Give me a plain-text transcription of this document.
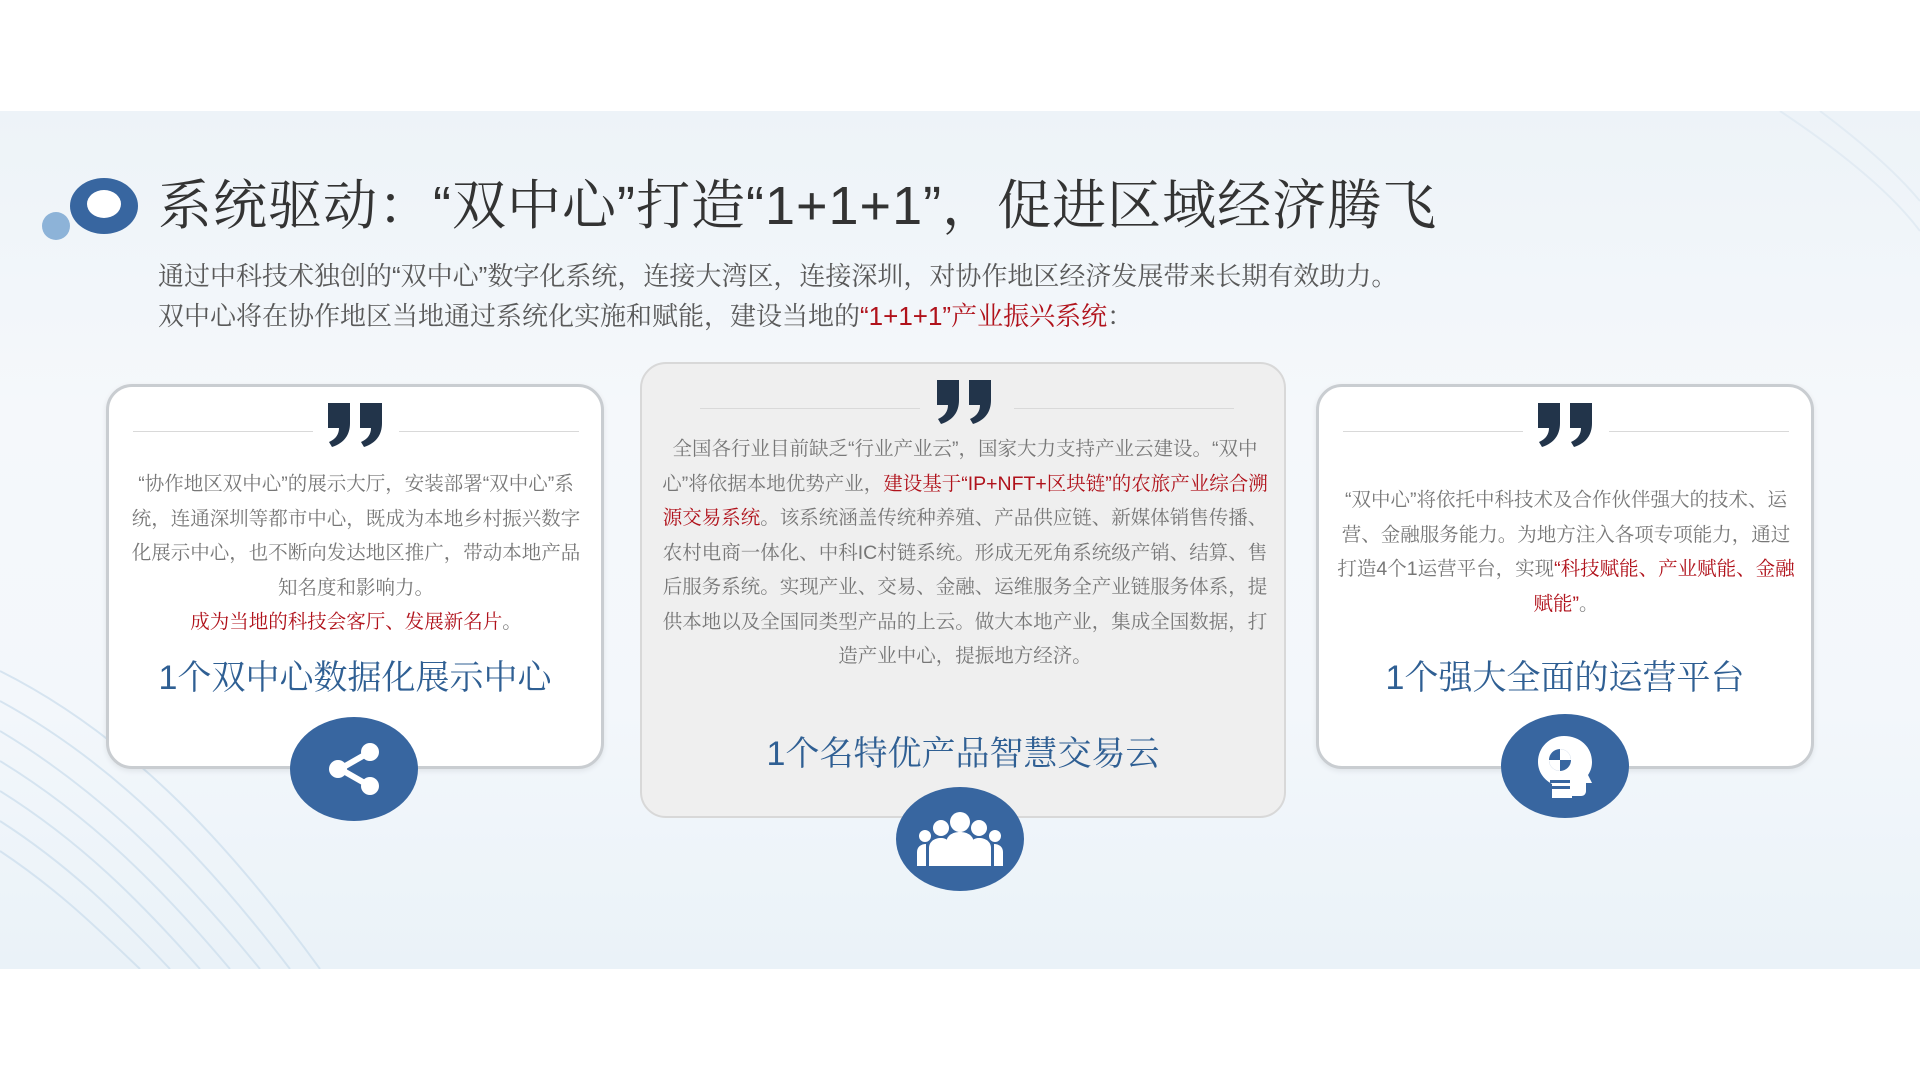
系统驱动：“双中心”打造“1+1+1”，促进区域经济腾飞
通过中科技术独创的“双中心”数字化系统，连接大湾区，连接深圳，对协作地区经济发展带来长期有效助力。
双中心将在协作地区当地通过系统化实施和赋能，建设当地的“1+1+1”产业振兴系统：
“协作地区双中心”的展示大厅，安装部署“双中心”系统，连通深圳等都市中心，既成为本地乡村振兴数字化展示中心，也不断向发达地区推广，带动本地产品知名度和影响力。
成为当地的科技会客厅、发展新名片。
1个双中心数据化展示中心
全国各行业目前缺乏“行业产业云”，国家大力支持产业云建设。“双中心”将依据本地优势产业，建设基于“IP+NFT+区块链”的农旅产业综合溯源交易系统。该系统涵盖传统种养殖、产品供应链、新媒体销售传播、农村电商一体化、中科IC村链系统。形成无死角系统级产销、结算、售后服务系统。实现产业、交易、金融、运维服务全产业链服务体系，提供本地以及全国同类型产品的上云。做大本地产业，集成全国数据，打造产业中心，提振地方经济。
1个名特优产品智慧交易云
“双中心”将依托中科技术及合作伙伴强大的技术、运营、金融服务能力。为地方注入各项专项能力，通过打造4个1运营平台，实现“科技赋能、产业赋能、金融赋能”。
1个强大全面的运营平台
